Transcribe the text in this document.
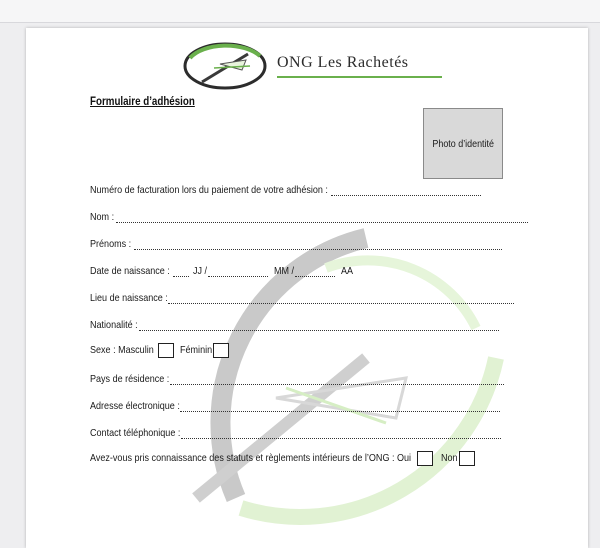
ONG Les Rachetés
Formulaire d’adhésion
Photo d’identité
Numéro de facturation lors du paiement de votre adhésion :
Nom :
Prénoms :
Date de naissance : JJ /	MM /	AA
Lieu de naissance :
Nationalité :
Sexe : Masculin	Féminin
Pays de résidence :
Adresse électronique :
Contact téléphonique :
Avez-vous pris connaissance des statuts et règlements intérieurs de l’ONG : Oui	Non
